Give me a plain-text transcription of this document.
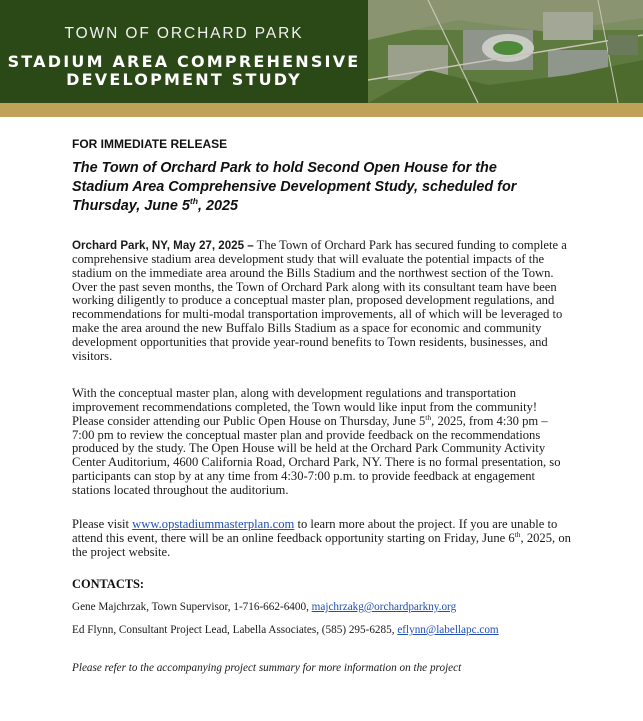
TOWN OF ORCHARD PARK
STADIUM AREA COMPREHENSIVE
DEVELOPMENT STUDY
FOR IMMEDIATE RELEASE
The Town of Orchard Park to hold Second Open House for the
Stadium Area Comprehensive Development Study, scheduled for
Thursday, June 5th, 2025
Orchard Park, NY, May 27, 2025 – The Town of Orchard Park has secured funding to complete a comprehensive stadium area development study that will evaluate the potential impacts of the stadium on the immediate area around the Bills Stadium and the northwest section of the Town. Over the past seven months, the Town of Orchard Park along with its consultant team have been working diligently to produce a conceptual master plan, proposed development regulations, and recommendations for multi-modal transportation improvements, all of which will be leveraged to make the area around the new Buffalo Bills Stadium as a space for economic and community development opportunities that provide year-round benefits to Town residents, businesses, and visitors.
With the conceptual master plan, along with development regulations and transportation improvement recommendations completed, the Town would like input from the community! Please consider attending our Public Open House on Thursday, June 5th, 2025, from 4:30 pm – 7:00 pm to review the conceptual master plan and provide feedback on the recommendations produced by the study. The Open House will be held at the Orchard Park Community Activity Center Auditorium, 4600 California Road, Orchard Park, NY. There is no formal presentation, so participants can stop by at any time from 4:30-7:00 p.m. to provide feedback at engagement stations located throughout the auditorium.
Please visit www.opstadiummasterplan.com to learn more about the project. If you are unable to attend this event, there will be an online feedback opportunity starting on Friday, June 6th, 2025, on the project website.
CONTACTS:
Gene Majchrzak, Town Supervisor, 1-716-662-6400, majchrzakg@orchardparkny.org
Ed Flynn, Consultant Project Lead, Labella Associates, (585) 295-6285, eflynn@labellapc.com
Please refer to the accompanying project summary for more information on the project
